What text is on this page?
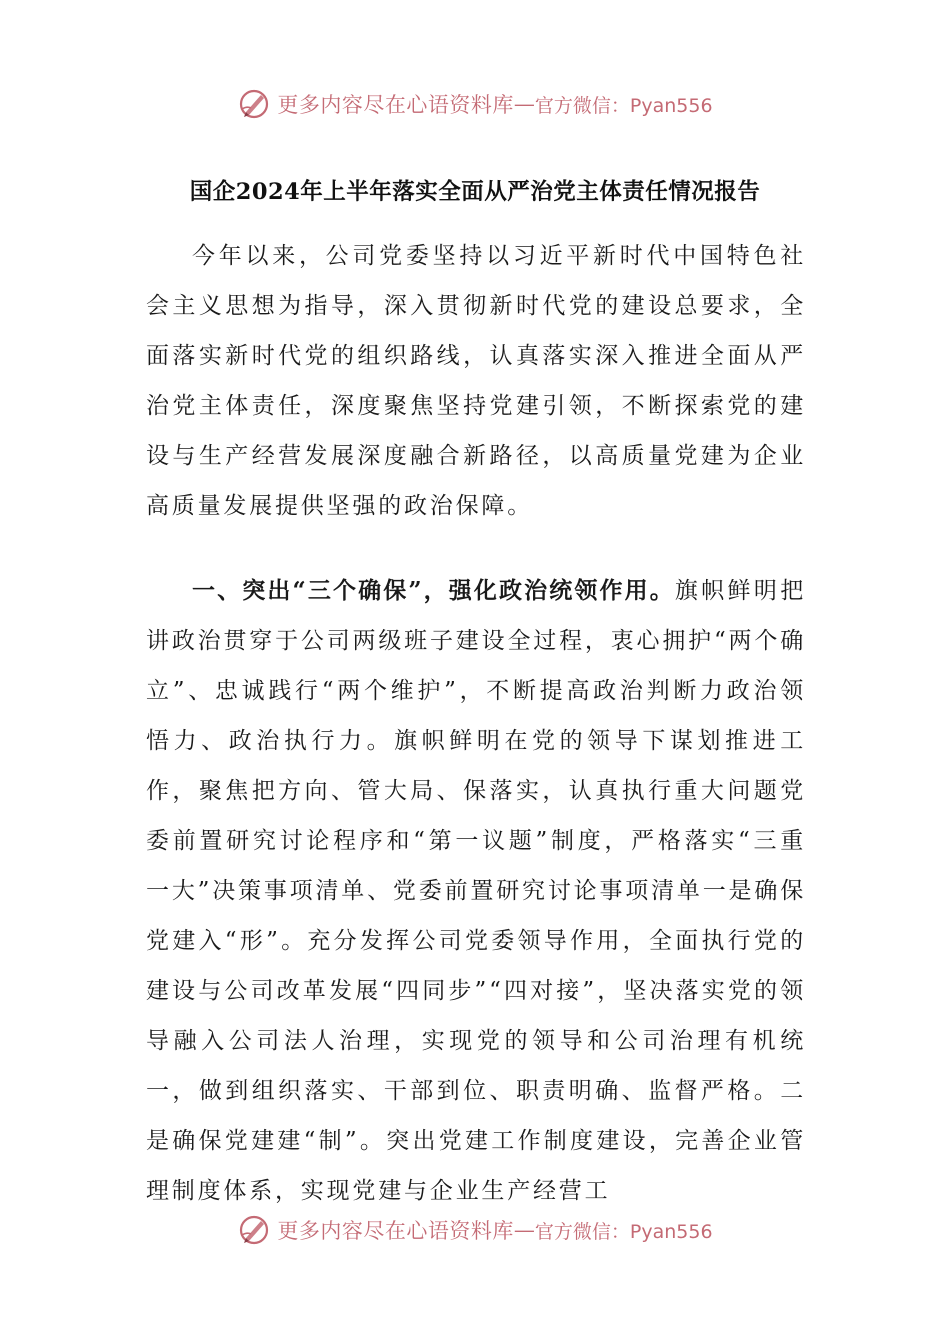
更多内容尽在心语资料库 — 官方微信：Pyan556
国企2024年上半年落实全面从严治党主体责任情况报告

今年以来，公司党委坚持以习近平新时代中国特色社会主义思想为指导，深入贯彻新时代党的建设总要求，全面落实新时代党的组织路线，认真落实深入推进全面从严治党主体责任，深度聚焦坚持党建引领，不断探索党的建设与生产经营发展深度融合新路径，以高质量党建为企业高质量发展提供坚强的政治保障。

一、突出“三个确保”，强化政治统领作用。旗帜鲜明把讲政治贯穿于公司两级班子建设全过程，衷心拥护“两个确立”、忠诚践行“两个维护”，不断提高政治判断力政治领悟力、政治执行力。旗帜鲜明在党的领导下谋划推进工作，聚焦把方向、管大局、保落实，认真执行重大问题党委前置研究讨论程序和“第一议题”制度，严格落实“三重一大”决策事项清单、党委前置研究讨论事项清单一是确保党建入“形”。充分发挥公司党委领导作用，全面执行党的建设与公司改革发展“四同步”“四对接”，坚决落实党的领导融入公司法人治理，实现党的领导和公司治理有机统一，做到组织落实、干部到位、职责明确、监督严格。二是确保党建建“制”。突出党建工作制度建设，完善企业管理制度体系，实现党建与企业生产经营工

更多内容尽在心语资料库 — 官方微信：Pyan556
